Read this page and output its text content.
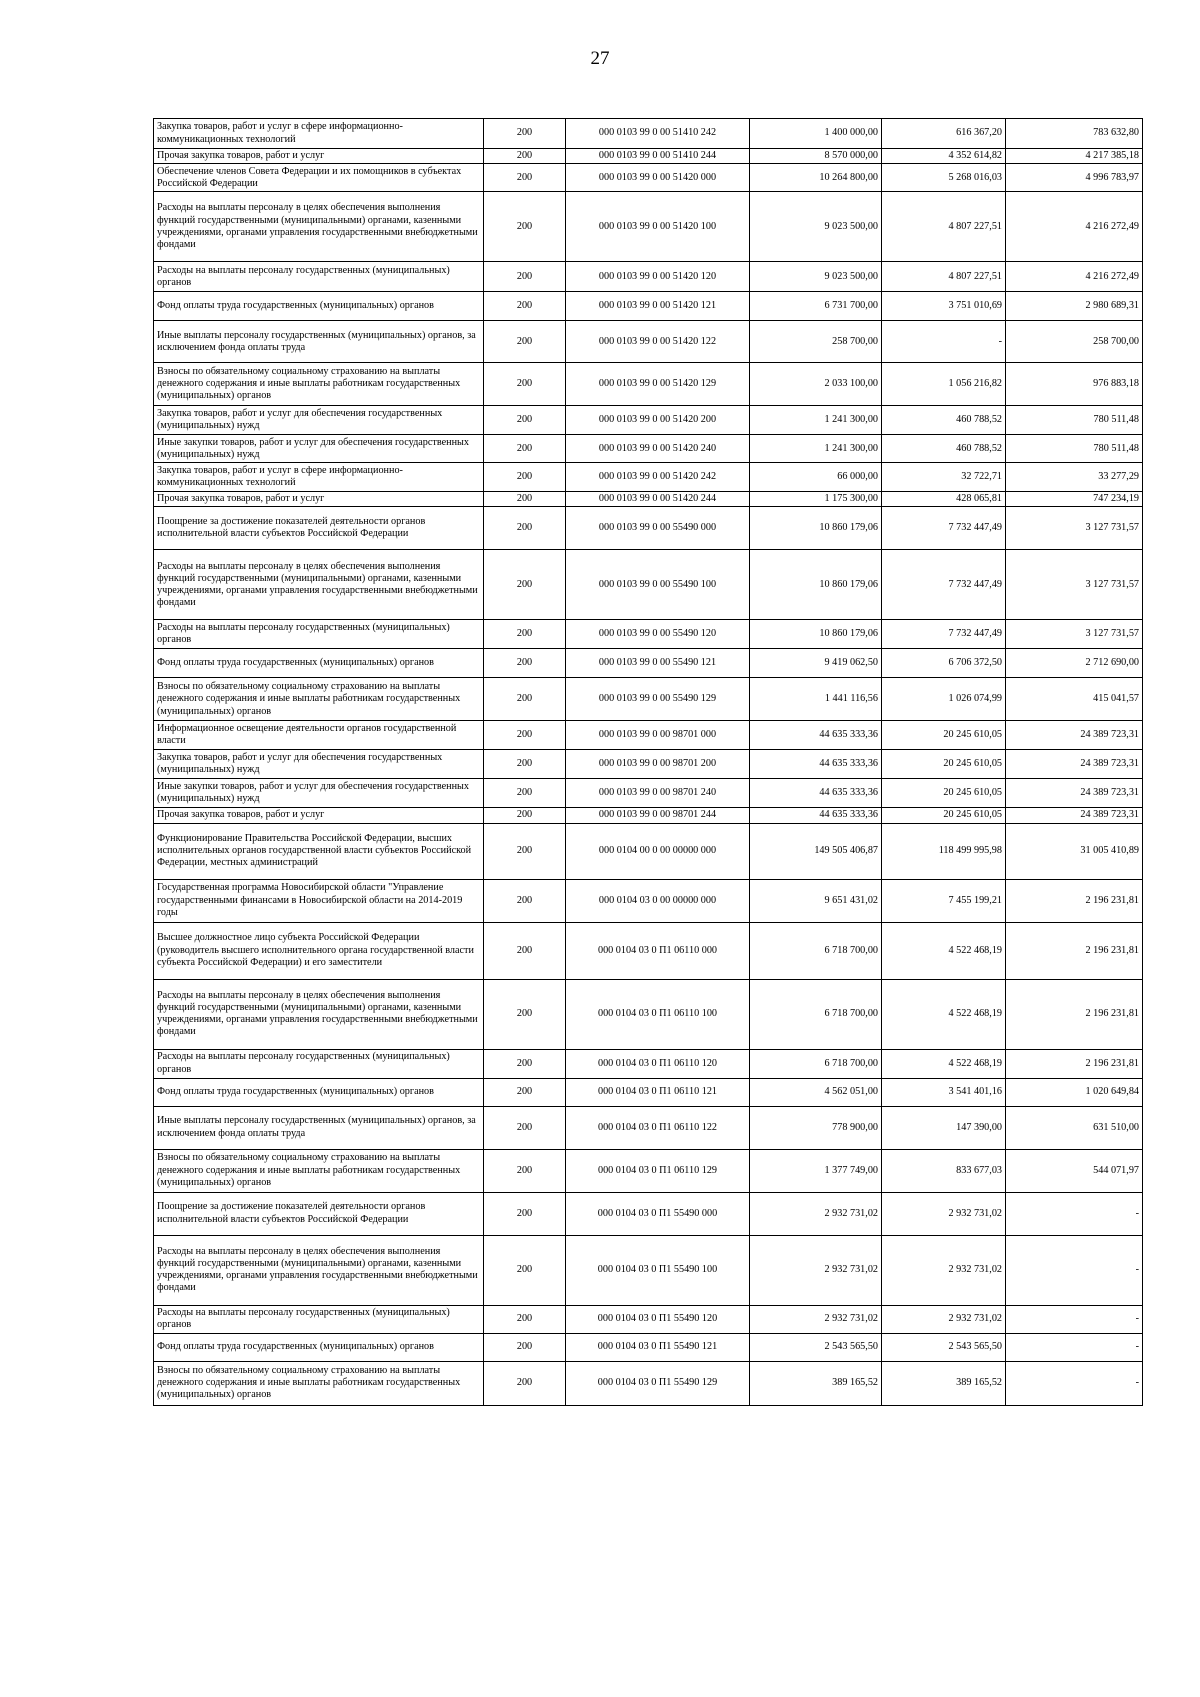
27
Закупка товаров, работ и услуг в сфере информационно-коммуникационных технологий	200	000 0103 99 0 00 51410 242	1 400 000,00	616 367,20	783 632,80
Прочая закупка товаров, работ и услуг	200	000 0103 99 0 00 51410 244	8 570 000,00	4 352 614,82	4 217 385,18
Обеспечение членов Совета Федерации и их помощников в субъектах Российской Федерации	200	000 0103 99 0 00 51420 000	10 264 800,00	5 268 016,03	4 996 783,97
Расходы на выплаты персоналу в целях обеспечения выполнения функций государственными (муниципальными) органами, казенными учреждениями, органами управления государственными внебюджетными фондами	200	000 0103 99 0 00 51420 100	9 023 500,00	4 807 227,51	4 216 272,49
Расходы на выплаты персоналу государственных (муниципальных) органов	200	000 0103 99 0 00 51420 120	9 023 500,00	4 807 227,51	4 216 272,49
Фонд оплаты труда государственных (муниципальных) органов	200	000 0103 99 0 00 51420 121	6 731 700,00	3 751 010,69	2 980 689,31
Иные выплаты персоналу государственных (муниципальных) органов, за исключением фонда оплаты труда	200	000 0103 99 0 00 51420 122	258 700,00	-	258 700,00
Взносы по обязательному социальному страхованию на выплаты денежного содержания и иные выплаты работникам государственных (муниципальных) органов	200	000 0103 99 0 00 51420 129	2 033 100,00	1 056 216,82	976 883,18
Закупка товаров, работ и услуг для обеспечения государственных (муниципальных) нужд	200	000 0103 99 0 00 51420 200	1 241 300,00	460 788,52	780 511,48
Иные закупки товаров, работ и услуг для обеспечения государственных (муниципальных) нужд	200	000 0103 99 0 00 51420 240	1 241 300,00	460 788,52	780 511,48
Закупка товаров, работ и услуг в сфере информационно-коммуникационных технологий	200	000 0103 99 0 00 51420 242	66 000,00	32 722,71	33 277,29
Прочая закупка товаров, работ и услуг	200	000 0103 99 0 00 51420 244	1 175 300,00	428 065,81	747 234,19
Поощрение за достижение показателей деятельности органов исполнительной власти субъектов Российской Федерации	200	000 0103 99 0 00 55490 000	10 860 179,06	7 732 447,49	3 127 731,57
Расходы на выплаты персоналу в целях обеспечения выполнения функций государственными (муниципальными) органами, казенными учреждениями, органами управления государственными внебюджетными фондами	200	000 0103 99 0 00 55490 100	10 860 179,06	7 732 447,49	3 127 731,57
Расходы на выплаты персоналу государственных (муниципальных) органов	200	000 0103 99 0 00 55490 120	10 860 179,06	7 732 447,49	3 127 731,57
Фонд оплаты труда государственных (муниципальных) органов	200	000 0103 99 0 00 55490 121	9 419 062,50	6 706 372,50	2 712 690,00
Взносы по обязательному социальному страхованию на выплаты денежного содержания и иные выплаты работникам государственных (муниципальных) органов	200	000 0103 99 0 00 55490 129	1 441 116,56	1 026 074,99	415 041,57
Информационное освещение деятельности органов государственной власти	200	000 0103 99 0 00 98701 000	44 635 333,36	20 245 610,05	24 389 723,31
Закупка товаров, работ и услуг для обеспечения государственных (муниципальных) нужд	200	000 0103 99 0 00 98701 200	44 635 333,36	20 245 610,05	24 389 723,31
Иные закупки товаров, работ и услуг для обеспечения государственных (муниципальных) нужд	200	000 0103 99 0 00 98701 240	44 635 333,36	20 245 610,05	24 389 723,31
Прочая закупка товаров, работ и услуг	200	000 0103 99 0 00 98701 244	44 635 333,36	20 245 610,05	24 389 723,31
Функционирование Правительства Российской Федерации, высших исполнительных органов государственной власти субъектов Российской Федерации, местных администраций	200	000 0104 00 0 00 00000 000	149 505 406,87	118 499 995,98	31 005 410,89
Государственная программа Новосибирской области "Управление государственными финансами в Новосибирской области на 2014-2019 годы	200	000 0104 03 0 00 00000 000	9 651 431,02	7 455 199,21	2 196 231,81
Высшее должностное лицо субъекта Российской Федерации (руководитель высшего исполнительного органа государственной власти субъекта Российской Федерации) и его заместители	200	000 0104 03 0 П1 06110 000	6 718 700,00	4 522 468,19	2 196 231,81
Расходы на выплаты персоналу в целях обеспечения выполнения функций государственными (муниципальными) органами, казенными учреждениями, органами управления государственными внебюджетными фондами	200	000 0104 03 0 П1 06110 100	6 718 700,00	4 522 468,19	2 196 231,81
Расходы на выплаты персоналу государственных (муниципальных) органов	200	000 0104 03 0 П1 06110 120	6 718 700,00	4 522 468,19	2 196 231,81
Фонд оплаты труда государственных (муниципальных) органов	200	000 0104 03 0 П1 06110 121	4 562 051,00	3 541 401,16	1 020 649,84
Иные выплаты персоналу государственных (муниципальных) органов, за исключением фонда оплаты труда	200	000 0104 03 0 П1 06110 122	778 900,00	147 390,00	631 510,00
Взносы по обязательному социальному страхованию на выплаты денежного содержания и иные выплаты работникам государственных (муниципальных) органов	200	000 0104 03 0 П1 06110 129	1 377 749,00	833 677,03	544 071,97
Поощрение за достижение показателей деятельности органов исполнительной власти субъектов Российской Федерации	200	000 0104 03 0 П1 55490 000	2 932 731,02	2 932 731,02	-
Расходы на выплаты персоналу в целях обеспечения выполнения функций государственными (муниципальными) органами, казенными учреждениями, органами управления государственными внебюджетными фондами	200	000 0104 03 0 П1 55490 100	2 932 731,02	2 932 731,02	-
Расходы на выплаты персоналу государственных (муниципальных) органов	200	000 0104 03 0 П1 55490 120	2 932 731,02	2 932 731,02	-
Фонд оплаты труда государственных (муниципальных) органов	200	000 0104 03 0 П1 55490 121	2 543 565,50	2 543 565,50	-
Взносы по обязательному социальному страхованию на выплаты денежного содержания и иные выплаты работникам государственных (муниципальных) органов	200	000 0104 03 0 П1 55490 129	389 165,52	389 165,52	-
